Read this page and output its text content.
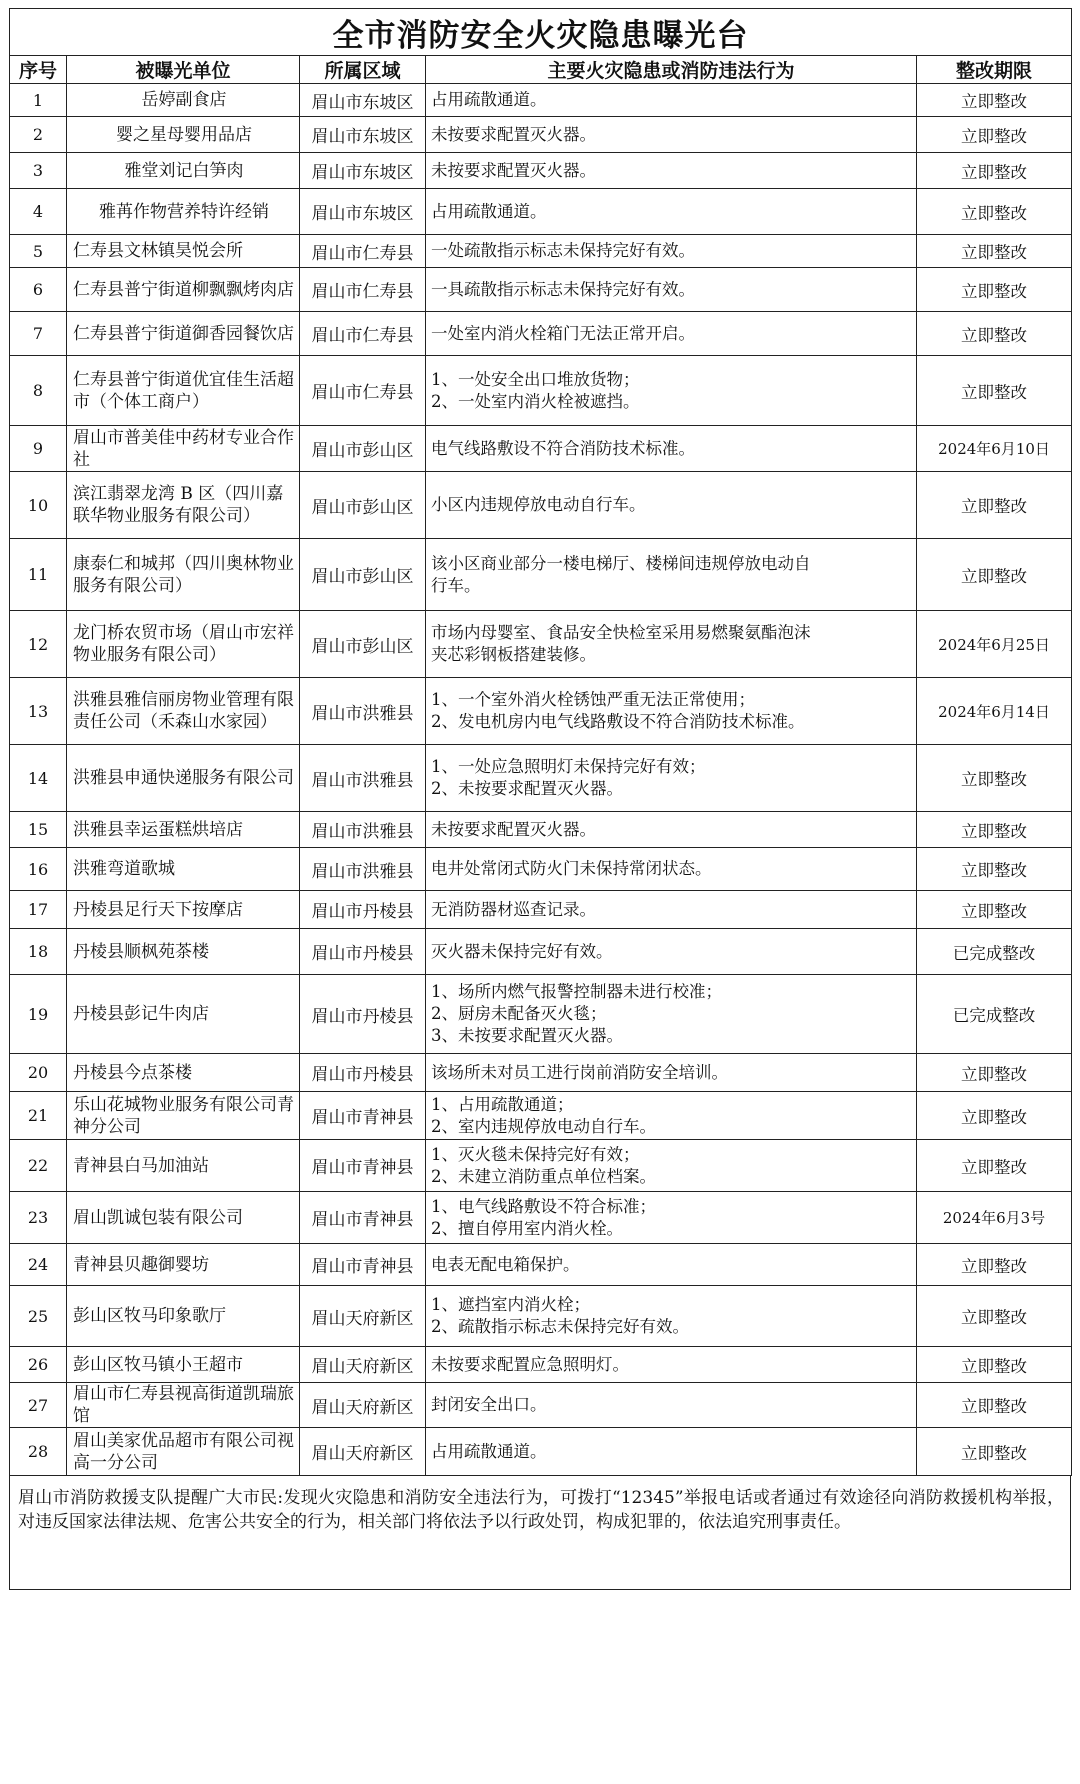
全市消防安全火灾隐患曝光台				
序号	被曝光单位	所属区域	主要火灾隐患或消防违法行为	整改期限
1	岳婷副食店	眉山市东坡区	占用疏散通道。	立即整改
2	婴之星母婴用品店	眉山市东坡区	未按要求配置灭火器。	立即整改
3	雅堂刘记白笋肉	眉山市东坡区	未按要求配置灭火器。	立即整改
4	雅苒作物营养特许经销	眉山市东坡区	占用疏散通道。	立即整改
5	仁寿县文林镇昊悦会所	眉山市仁寿县	一处疏散指示标志未保持完好有效。	立即整改
6	仁寿县普宁街道柳飘飘烤肉店	眉山市仁寿县	一具疏散指示标志未保持完好有效。	立即整改
7	仁寿县普宁街道御香园餐饮店	眉山市仁寿县	一处室内消火栓箱门无法正常开启。	立即整改
8	仁寿县普宁街道优宜佳生活超市（个体工商户）	眉山市仁寿县	1、一处安全出口堆放货物；
2、一处室内消火栓被遮挡。	立即整改
9	眉山市普美佳中药材专业合作社	眉山市彭山区	电气线路敷设不符合消防技术标准。	2024年6月10日
10	滨江翡翠龙湾 B 区（四川嘉联华物业服务有限公司）	眉山市彭山区	小区内违规停放电动自行车。	立即整改
11	康泰仁和城邦（四川奥林物业服务有限公司）	眉山市彭山区	该小区商业部分一楼电梯厅、楼梯间违规停放电动自
行车。	立即整改
12	龙门桥农贸市场（眉山市宏祥物业服务有限公司）	眉山市彭山区	市场内母婴室、食品安全快检室采用易燃聚氨酯泡沫
夹芯彩钢板搭建装修。	2024年6月25日
13	洪雅县雅信丽房物业管理有限责任公司（禾森山水家园）	眉山市洪雅县	1、一个室外消火栓锈蚀严重无法正常使用；
2、发电机房内电气线路敷设不符合消防技术标准。	2024年6月14日
14	洪雅县申通快递服务有限公司	眉山市洪雅县	1、一处应急照明灯未保持完好有效；
2、未按要求配置灭火器。	立即整改
15	洪雅县幸运蛋糕烘培店	眉山市洪雅县	未按要求配置灭火器。	立即整改
16	洪雅弯道歌城	眉山市洪雅县	电井处常闭式防火门未保持常闭状态。	立即整改
17	丹棱县足行天下按摩店	眉山市丹棱县	无消防器材巡查记录。	立即整改
18	丹棱县顺枫苑茶楼	眉山市丹棱县	灭火器未保持完好有效。	已完成整改
19	丹棱县彭记牛肉店	眉山市丹棱县	1、场所内燃气报警控制器未进行校准；
2、厨房未配备灭火毯；
3、未按要求配置灭火器。	已完成整改
20	丹棱县今点茶楼	眉山市丹棱县	该场所未对员工进行岗前消防安全培训。	立即整改
21	乐山花城物业服务有限公司青神分公司	眉山市青神县	1、占用疏散通道；
2、室内违规停放电动自行车。	立即整改
22	青神县白马加油站	眉山市青神县	1、灭火毯未保持完好有效；
2、未建立消防重点单位档案。	立即整改
23	眉山凯诚包装有限公司	眉山市青神县	1、电气线路敷设不符合标准；
2、擅自停用室内消火栓。	2024年6月3号
24	青神县贝趣御婴坊	眉山市青神县	电表无配电箱保护。	立即整改
25	彭山区牧马印象歌厅	眉山天府新区	1、遮挡室内消火栓；
2、疏散指示标志未保持完好有效。	立即整改
26	彭山区牧马镇小王超市	眉山天府新区	未按要求配置应急照明灯。	立即整改
27	眉山市仁寿县视高街道凯瑞旅馆	眉山天府新区	封闭安全出口。	立即整改
28	眉山美家优品超市有限公司视高一分公司	眉山天府新区	占用疏散通道。	立即整改
眉山市消防救援支队提醒广大市民:发现火灾隐患和消防安全违法行为，可拨打“12345”举报电话或者通过有效途径向消防救援机构举报，对违反国家法律法规、危害公共安全的行为，相关部门将依法予以行政处罚，构成犯罪的，依法追究刑事责任。
